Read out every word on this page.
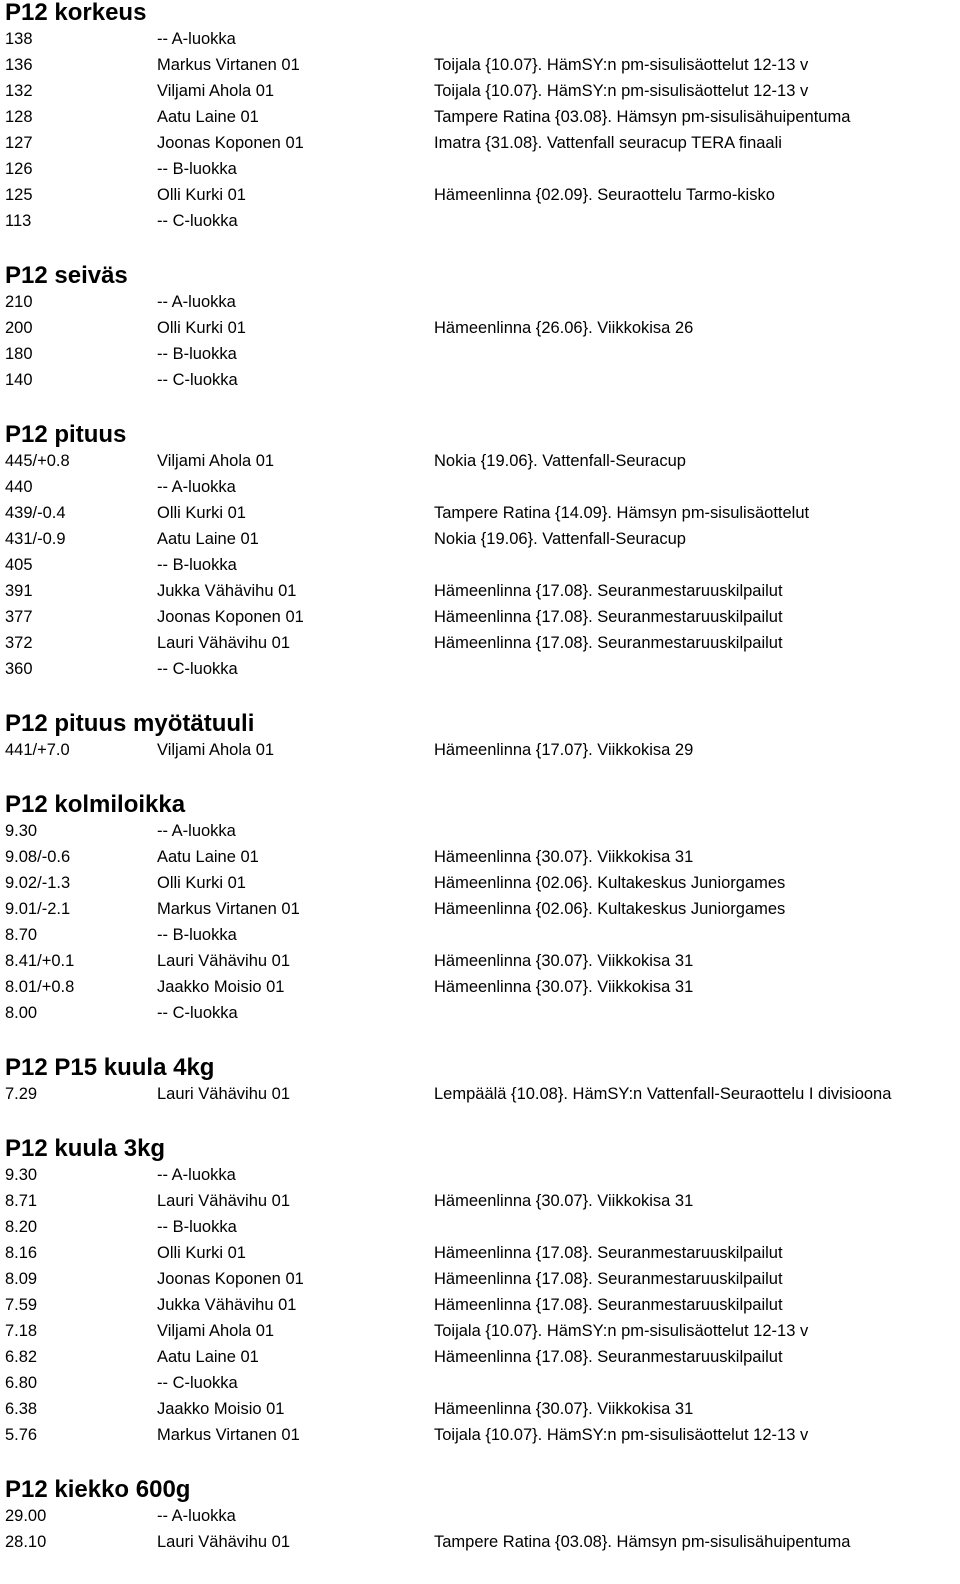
P12 korkeus
138	-- A-luokka
136	Markus Virtanen 01	Toijala {10.07}. HämSY:n pm-sisulisäottelut 12-13 v
132	Viljami Ahola 01	Toijala {10.07}. HämSY:n pm-sisulisäottelut 12-13 v
128	Aatu Laine 01	Tampere Ratina {03.08}. Hämsyn pm-sisulisähuipentuma
127	Joonas Koponen 01	Imatra {31.08}. Vattenfall seuracup TERA finaali
126	-- B-luokka
125	Olli Kurki 01	Hämeenlinna {02.09}. Seuraottelu Tarmo-kisko
113	-- C-luokka
P12 seiväs
210	-- A-luokka
200	Olli Kurki 01	Hämeenlinna {26.06}. Viikkokisa 26
180	-- B-luokka
140	-- C-luokka
P12 pituus
445/+0.8	Viljami Ahola 01	Nokia {19.06}. Vattenfall-Seuracup
440	-- A-luokka
439/-0.4	Olli Kurki 01	Tampere Ratina {14.09}. Hämsyn pm-sisulisäottelut
431/-0.9	Aatu Laine 01	Nokia {19.06}. Vattenfall-Seuracup
405	-- B-luokka
391	Jukka Vähävihu 01	Hämeenlinna {17.08}. Seuranmestaruuskilpailut
377	Joonas Koponen 01	Hämeenlinna {17.08}. Seuranmestaruuskilpailut
372	Lauri Vähävihu 01	Hämeenlinna {17.08}. Seuranmestaruuskilpailut
360	-- C-luokka
P12 pituus myötätuuli
441/+7.0	Viljami Ahola 01	Hämeenlinna {17.07}. Viikkokisa 29
P12 kolmiloikka
9.30	-- A-luokka
9.08/-0.6	Aatu Laine 01	Hämeenlinna {30.07}. Viikkokisa 31
9.02/-1.3	Olli Kurki 01	Hämeenlinna {02.06}. Kultakeskus Juniorgames
9.01/-2.1	Markus Virtanen 01	Hämeenlinna {02.06}. Kultakeskus Juniorgames
8.70	-- B-luokka
8.41/+0.1	Lauri Vähävihu 01	Hämeenlinna {30.07}. Viikkokisa 31
8.01/+0.8	Jaakko Moisio 01	Hämeenlinna {30.07}. Viikkokisa 31
8.00	-- C-luokka
P12 P15 kuula 4kg
7.29	Lauri Vähävihu 01	Lempäälä {10.08}. HämSY:n Vattenfall-Seuraottelu I divisioona
P12 kuula 3kg
9.30	-- A-luokka
8.71	Lauri Vähävihu 01	Hämeenlinna {30.07}. Viikkokisa 31
8.20	-- B-luokka
8.16	Olli Kurki 01	Hämeenlinna {17.08}. Seuranmestaruuskilpailut
8.09	Joonas Koponen 01	Hämeenlinna {17.08}. Seuranmestaruuskilpailut
7.59	Jukka Vähävihu 01	Hämeenlinna {17.08}. Seuranmestaruuskilpailut
7.18	Viljami Ahola 01	Toijala {10.07}. HämSY:n pm-sisulisäottelut 12-13 v
6.82	Aatu Laine 01	Hämeenlinna {17.08}. Seuranmestaruuskilpailut
6.80	-- C-luokka
6.38	Jaakko Moisio 01	Hämeenlinna {30.07}. Viikkokisa 31
5.76	Markus Virtanen 01	Toijala {10.07}. HämSY:n pm-sisulisäottelut 12-13 v
P12 kiekko 600g
29.00	-- A-luokka
28.10	Lauri Vähävihu 01	Tampere Ratina {03.08}. Hämsyn pm-sisulisähuipentuma
